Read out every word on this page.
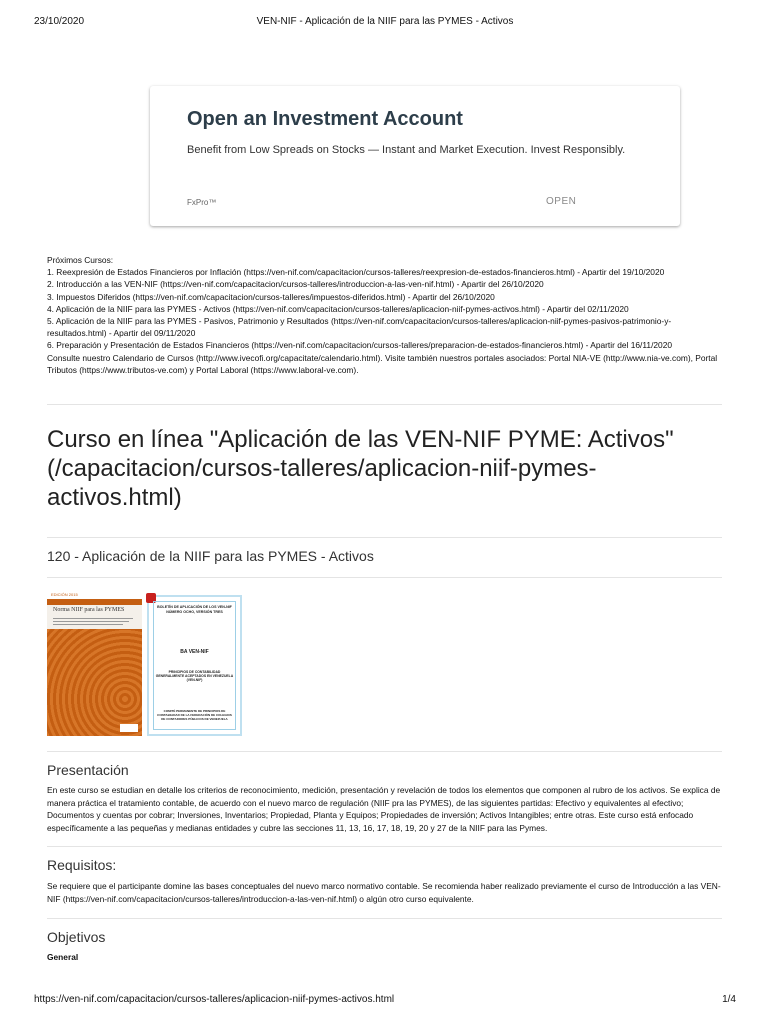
23/10/2020	VEN-NIF - Aplicación de la NIIF para las PYMES - Activos
Open an Investment Account
Benefit from Low Spreads on Stocks — Instant and Market Execution. Invest Responsibly.
FxPro™	OPEN

Próximos Cursos:

1. Reexpresión de Estados Financieros por Inflación (https://ven-nif.com/capacitacion/cursos-talleres/reexpresion-de-estados-financieros.html) - Apartir del 19/10/2020

2. Introducción a las VEN-NIF (https://ven-nif.com/capacitacion/cursos-talleres/introduccion-a-las-ven-nif.html) - Apartir del 26/10/2020

3. Impuestos Diferidos (https://ven-nif.com/capacitacion/cursos-talleres/impuestos-diferidos.html) - Apartir del 26/10/2020

4. Aplicación de la NIIF para las PYMES - Activos (https://ven-nif.com/capacitacion/cursos-talleres/aplicacion-niif-pymes-activos.html) - Apartir del 02/11/2020

5. Aplicación de la NIIF para las PYMES - Pasivos, Patrimonio y Resultados (https://ven-nif.com/capacitacion/cursos-talleres/aplicacion-niif-pymes-pasivos-patrimonio-y-resultados.html) - Apartir del 09/11/2020

6. Preparación y Presentación de Estados Financieros (https://ven-nif.com/capacitacion/cursos-talleres/preparacion-de-estados-financieros.html) - Apartir del 16/11/2020

Consulte nuestro Calendario de Cursos (http://www.ivecofi.org/capacitate/calendario.html). Visite también nuestros portales asociados: Portal NIA-VE (http://www.nia-ve.com), Portal Tributos (https://www.tributos-ve.com) y Portal Laboral (https://www.laboral-ve.com).

Curso en línea "Aplicación de las VEN-NIF PYME: Activos" (/capacitacion/cursos-talleres/aplicacion-niif-pymes-activos.html)
120 - Aplicación de la NIIF para las PYMES - Activos
EDICIÓN 2015
Norma NIIF para las PYMES	BOLETÍN DE APLICACIÓN DE LOS VEN-NIF NÚMERO OCHO, VERSIÓN TRES
BA VEN-NIF
PRINCIPIOS DE CONTABILIDAD GENERALMENTE ACEPTADOS EN VENEZUELA (VEN-NIF)
COMITÉ PERMANENTE DE PRINCIPIOS DE CONTABILIDAD DE LA FEDERACIÓN DE COLEGIOS DE CONTADORES PÚBLICOS DE VENEZUELA
Presentación

En este curso se estudian en detalle los criterios de reconocimiento, medición, presentación y revelación de todos los elementos que componen al rubro de los activos. Se explica de manera práctica el tratamiento contable, de acuerdo con el nuevo marco de regulación (NIIF pra las PYMES), de las siguientes partidas: Efectivo y equivalentes al efectivo; Documentos y cuentas por cobrar; Inversiones, Inventarios; Propiedad, Planta y Equipos; Propiedades de inversión; Activos Intangibles; entre otras. Este curso está enfocado específicamente a las pequeñas y medianas entidades y cubre las secciones 11, 13, 16, 17, 18, 19, 20 y 27 de la NIIF para las Pymes.

Requisitos:

Se requiere que el participante domine las bases conceptuales del nuevo marco normativo contable. Se recomienda haber realizado previamente el curso de Introducción a las VEN-NIF (https://ven-nif.com/capacitacion/cursos-talleres/introduccion-a-las-ven-nif.html) o algún otro curso equivalente.

Objetivos

General

https://ven-nif.com/capacitacion/cursos-talleres/aplicacion-niif-pymes-activos.html	1/4
